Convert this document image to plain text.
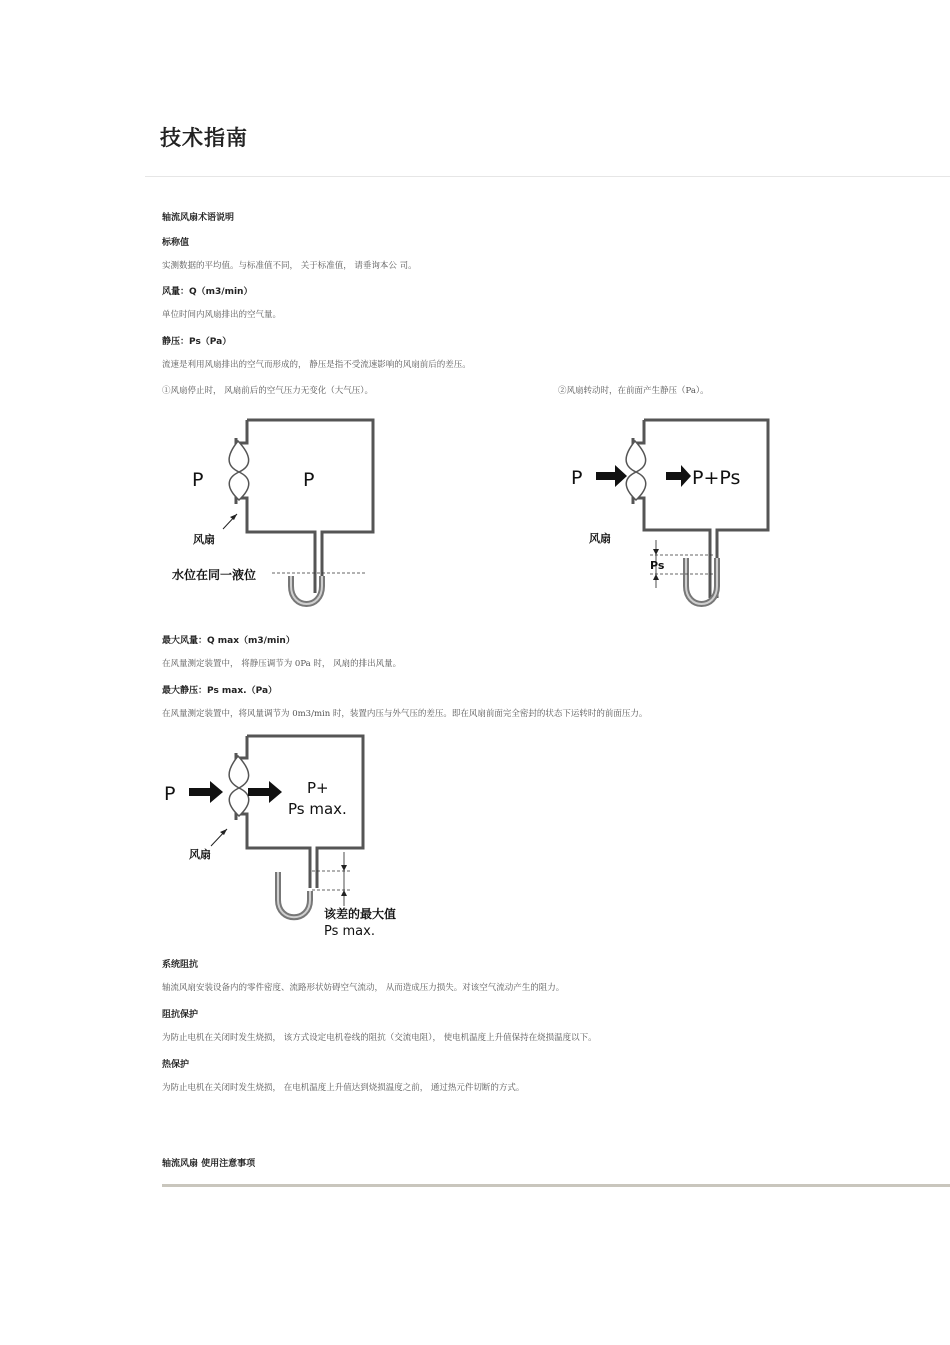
技术指南
轴流风扇术语说明
标称值
实测数据的平均值。与标准值不同， 关于标准值， 请垂询本公 司。
风量：Q（m3/min）
单位时间内风扇排出的空气量。
静压：Ps（Pa）
流速是利用风扇排出的空气而形成的， 静压是指不受流速影响的风扇前后的差压。
①风扇停止时， 风扇前后的空气压力无变化（大气压）。	②风扇转动时，在前面产生静压（Pa）。
P	P
风扇
水位在同一液位
P	P+Ps
风扇
Ps
最大风量：Q max（m3/min）
在风量测定装置中， 将静压调节为 0Pa 时， 风扇的排出风量。
最大静压：Ps max.（Pa）
在风量测定装置中，将风量调节为 0m3/min 时，装置内压与外气压的差压。即在风扇前面完全密封的状态下运转时的前面压力。
P	P+
Ps max.
风扇
该差的最大值
Ps max.
系统阻抗
轴流风扇安装设备内的零件密度、流路形状妨碍空气流动， 从而造成压力损失。对该空气流动产生的阻力。
阻抗保护
为防止电机在关闭时发生烧损， 该方式设定电机卷线的阻抗（交流电阻）， 使电机温度上升值保持在烧损温度以下。
热保护
为防止电机在关闭时发生烧损， 在电机温度上升值达到烧损温度之前， 通过热元件切断的方式。
轴流风扇 使用注意事项
